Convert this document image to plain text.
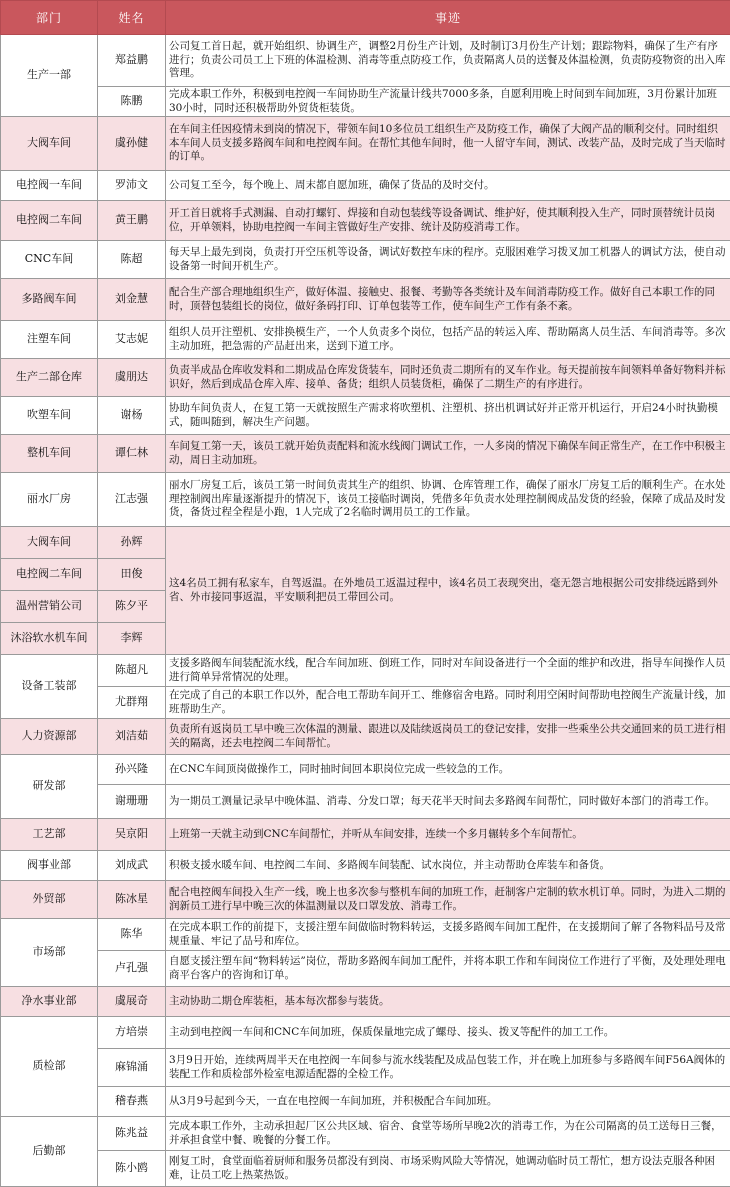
部门	姓名	事迹
生产一部	郑益鹏	公司复工首日起，就开始组织、协调生产，调整2月份生产计划，及时制订3月份生产计划；跟踪物料，确保了生产有序进行；负责公司员工上下班的体温检测、消毒等重点防疫工作，负责隔离人员的送餐及体温检测，负责防疫物资的出入库管理。
	陈鹏	完成本职工作外，积极到电控阀一车间协助生产流量计线共7000多条，自愿利用晚上时间到车间加班，3月份累计加班30小时，同时还积极帮助外贸货柜装货。
大阀车间	虞孙健	在车间主任因疫情未到岗的情况下，带领车间10多位员工组织生产及防疫工作，确保了大阀产品的顺利交付。同时组织本车间人员支援多路阀车间和电控阀车间。在帮忙其他车间时，他一人留守车间，测试、改装产品，及时完成了当天临时的订单。
电控阀一车间	罗沛文	公司复工至今，每个晚上、周末都自愿加班，确保了货品的及时交付。
电控阀二车间	黄王鹏	开工首日就将手式测漏、自动打螺钉、焊接和自动包装线等设备调试、维护好，使其顺利投入生产，同时顶替统计员岗位，开单领料，协助电控阀一车间主管做好生产安排、统计及防疫消毒工作。
CNC车间	陈超	每天早上最先到岗，负责打开空压机等设备，调试好数控车床的程序。克服困难学习拨叉加工机器人的调试方法，使自动设备第一时间开机生产。
多路阀车间	刘金慧	配合生产部合理地组织生产，做好体温、接触史、报餐、考勤等各类统计及车间消毒防疫工作。做好自己本职工作的同时，顶替包装组长的岗位，做好条码打印、订单包装等工作，使车间生产工作有条不紊。
注塑车间	艾志妮	组织人员开注塑机、安排换模生产，一个人负责多个岗位，包括产品的转运入库、帮助隔离人员生活、车间消毒等。多次主动加班，把急需的产品赶出来，送到下道工序。
生产二部仓库	虞朋达	负责半成品仓库收发料和二期成品仓库发货装车，同时还负责二期所有的叉车作业。每天提前按车间领料单备好物料并标识好，然后到成品仓库入库、接单、备货；组织人员装货柜，确保了二期生产的有序进行。
吹塑车间	谢杨	协助车间负责人，在复工第一天就按照生产需求将吹塑机、注塑机、挤出机调试好并正常开机运行，开启24小时执勤模式，随叫随到，解决生产问题。
整机车间	谭仁林	车间复工第一天，该员工就开始负责配料和流水线阀门调试工作，一人多岗的情况下确保车间正常生产，在工作中积极主动，周日主动加班。
丽水厂房	江志强	丽水厂房复工后，该员工第一时间负责其生产的组织、协调、仓库管理工作，确保了丽水厂房复工后的顺利生产。在水处理控制阀出库量逐渐提升的情况下，该员工接临时调岗，凭借多年负责水处理控制阀成品发货的经验，保障了成品及时发货，备货过程全程是小跑，1人完成了2名临时调用员工的工作量。
大阀车间	孙辉	这4名员工拥有私家车，自驾返温。在外地员工返温过程中，该4名员工表现突出，毫无怨言地根据公司安排绕远路到外省、外市接同事返温，平安顺利把员工带回公司。
电控阀二车间	田俊	
温州营销公司	陈夕平	
沐浴软水机车间	李辉	
设备工装部	陈超凡	支援多路阀车间装配流水线，配合车间加班、倒班工作，同时对车间设备进行一个全面的维护和改进，指导车间操作人员进行简单异常情况的处理。
	尤群翔	在完成了自己的本职工作以外，配合电工帮助车间开工、维修宿舍电路。同时利用空闲时间帮助电控阀生产流量计线，加班帮助生产。
人力资源部	刘洁茹	负责所有返岗员工早中晚三次体温的测量、跟进以及陆续返岗员工的登记安排，安排一些乘坐公共交通回来的员工进行相关的隔离，还去电控阀二车间帮忙。
研发部	孙兴隆	在CNC车间顶岗做操作工，同时抽时间回本职岗位完成一些较急的工作。
	谢珊珊	为一期员工测量记录早中晚体温、消毒、分发口罩；每天花半天时间去多路阀车间帮忙，同时做好本部门的消毒工作。
工艺部	吴京阳	上班第一天就主动到CNC车间帮忙，并听从车间安排，连续一个多月辗转多个车间帮忙。
阀事业部	刘成武	积极支援水暖车间、电控阀二车间、多路阀车间装配、试水岗位，并主动帮助仓库装车和备货。
外贸部	陈冰星	配合电控阀车间投入生产一线，晚上也多次参与整机车间的加班工作，赶制客户定制的软水机订单。同时，为进入二期的润新员工进行早中晚三次的体温测量以及口罩发放、消毒工作。
市场部	陈华	在完成本职工作的前提下，支援注塑车间做临时物料转运，支援多路阀车间加工配件，在支援期间了解了各物料品号及常规重量、牢记了品号和库位。
	卢孔强	自愿支援注塑车间“物料转运”岗位，帮助多路阀车间加工配件，并将本职工作和车间岗位工作进行了平衡，及处理处理电商平台客户的咨询和订单。
净水事业部	虞展奇	主动协助二期仓库装柜，基本每次都参与装货。
质检部	方培崇	主动到电控阀一车间和CNC车间加班，保质保量地完成了螺母、接头、拨叉等配件的加工工作。
	麻锦涌	3月9日开始，连续两周半天在电控阀一车间参与流水线装配及成品包装工作，并在晚上加班参与多路阀车间F56A阀体的装配工作和质检部外检室电源适配器的全检工作。
	稽春燕	从3月9号起到今天，一直在电控阀一车间加班，并积极配合车间加班。
后勤部	陈兆益	完成本职工作外，主动承担起厂区公共区域、宿舍、食堂等场所早晚2次的消毒工作，为在公司隔离的员工送每日三餐，并承担食堂中餐、晚餐的分餐工作。
	陈小鸥	刚复工时，食堂面临着厨师和服务员都没有到岗、市场采购风险大等情况，她调动临时员工帮忙，想方设法克服各种困难，让员工吃上热菜热饭。
